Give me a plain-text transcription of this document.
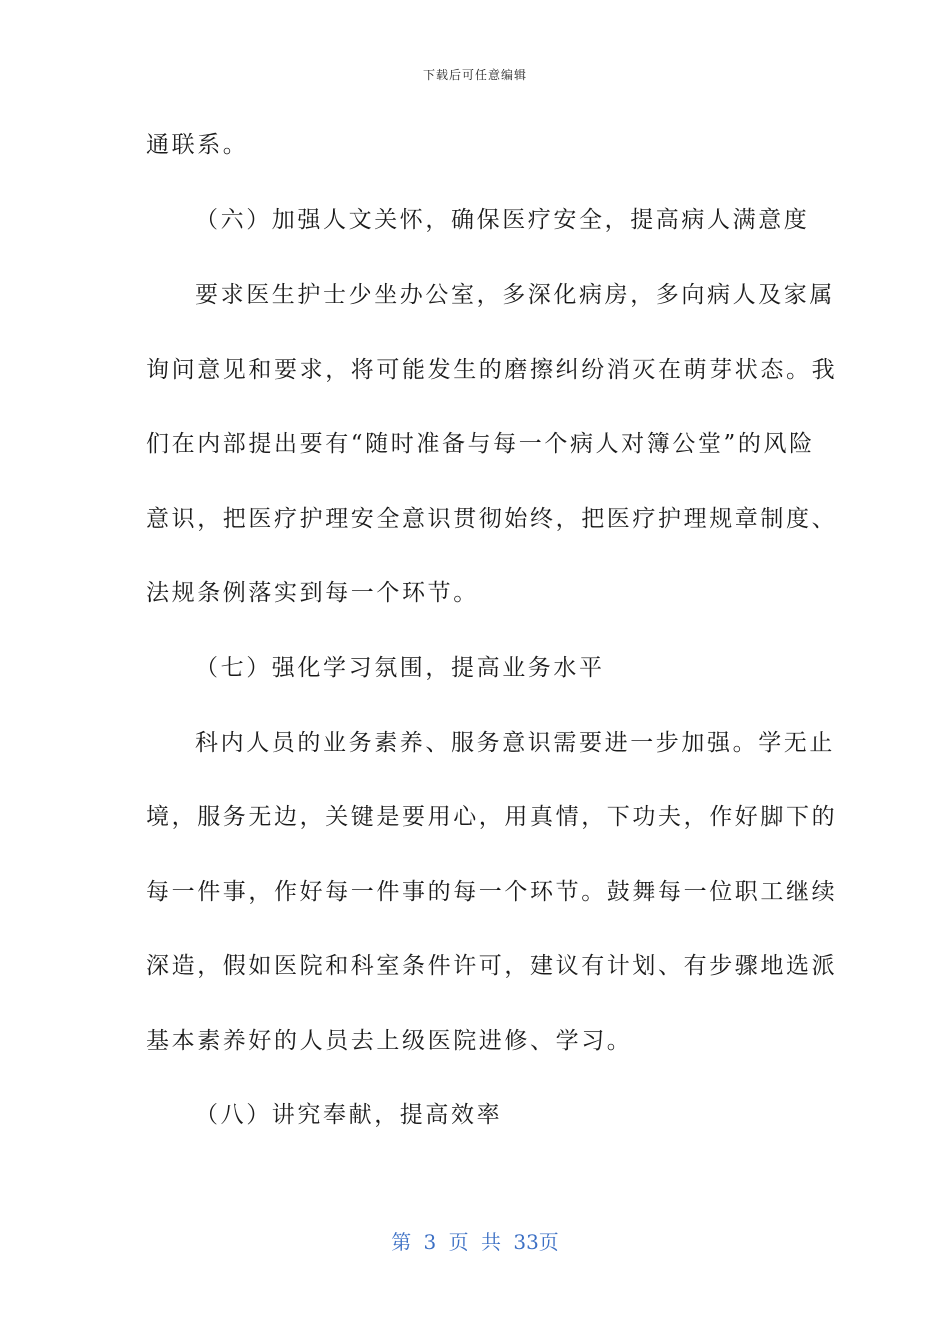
下载后可任意编辑
通联系。
（六）加强人文关怀，确保医疗安全，提高病人满意度
要求医生护士少坐办公室，多深化病房，多向病人及家属
询问意见和要求，将可能发生的磨擦纠纷消灭在萌芽状态。我
们在内部提出要有“随时准备与每一个病人对簿公堂”的风险
意识，把医疗护理安全意识贯彻始终，把医疗护理规章制度、
法规条例落实到每一个环节。
（七）强化学习氛围，提高业务水平
科内人员的业务素养、服务意识需要进一步加强。学无止
境，服务无边，关键是要用心，用真情，下功夫，作好脚下的
每一件事，作好每一件事的每一个环节。鼓舞每一位职工继续
深造，假如医院和科室条件许可，建议有计划、有步骤地选派
基本素养好的人员去上级医院进修、学习。
（八）讲究奉献，提高效率
第 3 页 共 33页
